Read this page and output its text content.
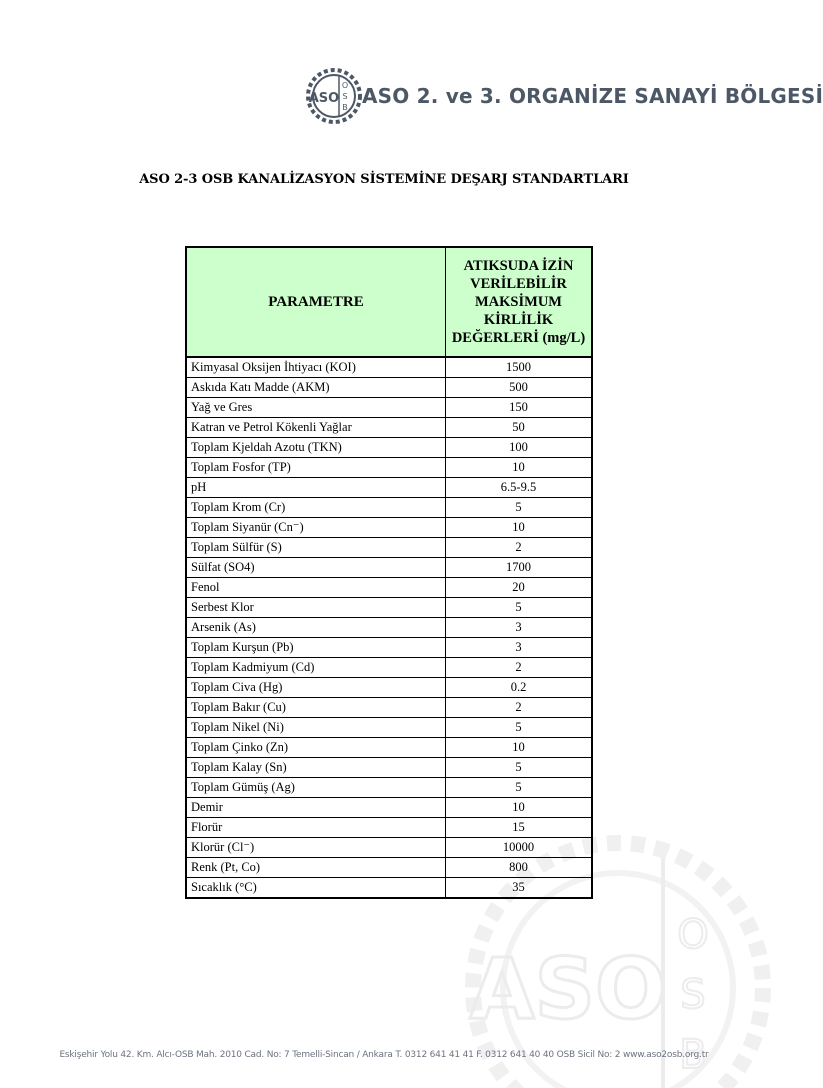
ASO
O
S
B ASO 2. ve 3. ORGANİZE SANAYİ BÖLGESİ
ASO
O
S
B
ASO 2-3 OSB KANALİZASYON SİSTEMİNE DEŞARJ STANDARTLARI
PARAMETRE	ATIKSUDA İZİN VERİLEBİLİR MAKSİMUM KİRLİLİK DEĞERLERİ (mg/L)
Kimyasal Oksijen İhtiyacı (KOI)	1500
Askıda Katı Madde (AKM)	500
Yağ ve Gres	150
Katran ve Petrol Kökenli Yağlar	50
Toplam Kjeldah Azotu (TKN)	100
Toplam Fosfor (TP)	10
pH	6.5-9.5
Toplam Krom (Cr)	5
Toplam Siyanür (Cn⁻)	10
Toplam Sülfür (S)	2
Sülfat (SO4)	1700
Fenol	20
Serbest Klor	5
Arsenik (As)	3
Toplam Kurşun (Pb)	3
Toplam Kadmiyum (Cd)	2
Toplam Civa (Hg)	0.2
Toplam Bakır (Cu)	2
Toplam Nikel (Ni)	5
Toplam Çinko (Zn)	10
Toplam Kalay (Sn)	5
Toplam Gümüş (Ag)	5
Demir	10
Florür	15
Klorür (Cl⁻)	10000
Renk (Pt, Co)	800
Sıcaklık (°C)	35
Eskişehir Yolu 42. Km. Alcı-OSB Mah. 2010 Cad. No: 7 Temelli-Sincan / Ankara T. 0312 641 41 41 F. 0312 641 40 40 OSB Sicil No: 2 www.aso2osb.org.tr
